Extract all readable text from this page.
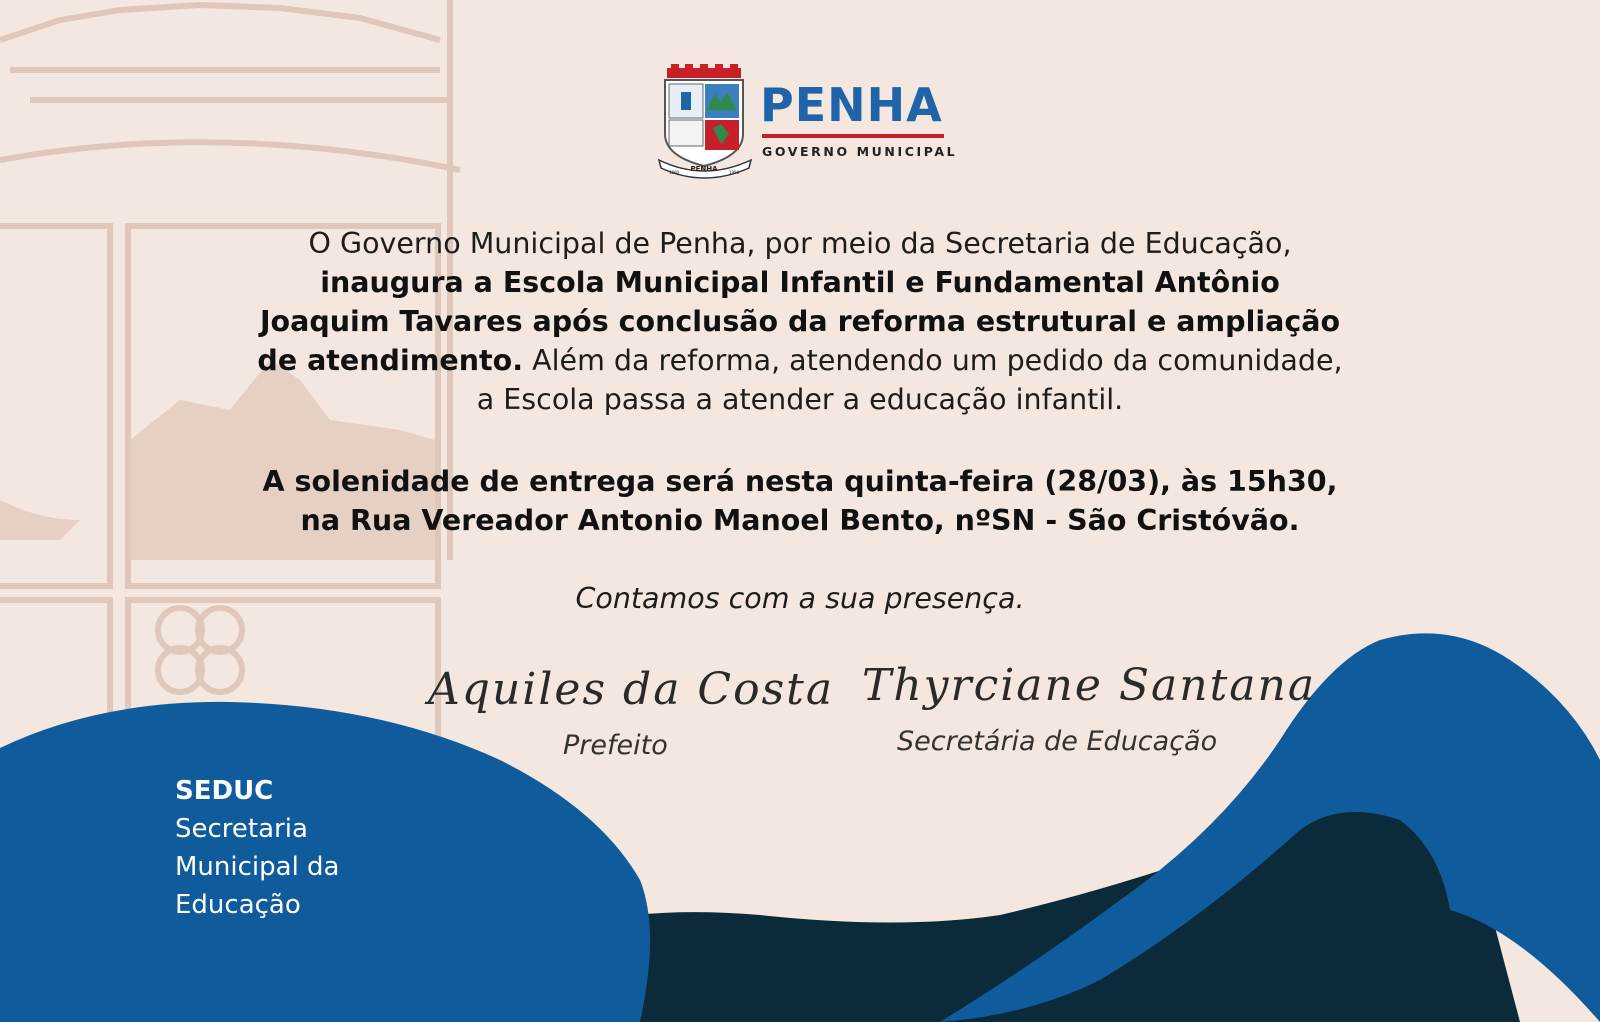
PENHA
1890	1958
PENHA
GOVERNO MUNICIPAL
O Governo Municipal de Penha, por meio da Secretaria de Educação, inaugura a Escola Municipal Infantil e Fundamental Antônio Joaquim Tavares após conclusão da reforma estrutural e ampliação de atendimento. Além da reforma, atendendo um pedido da comunidade, a Escola passa a atender a educação infantil.
A solenidade de entrega será nesta quinta-feira (28/03), às 15h30,
na Rua Vereador Antonio Manoel Bento, nºSN - São Cristóvão.
Contamos com a sua presença.
Aquiles da Costa
Prefeito
Thyrciane Santana
Secretária de Educação
SEDUC
Secretaria
Municipal da
Educação
